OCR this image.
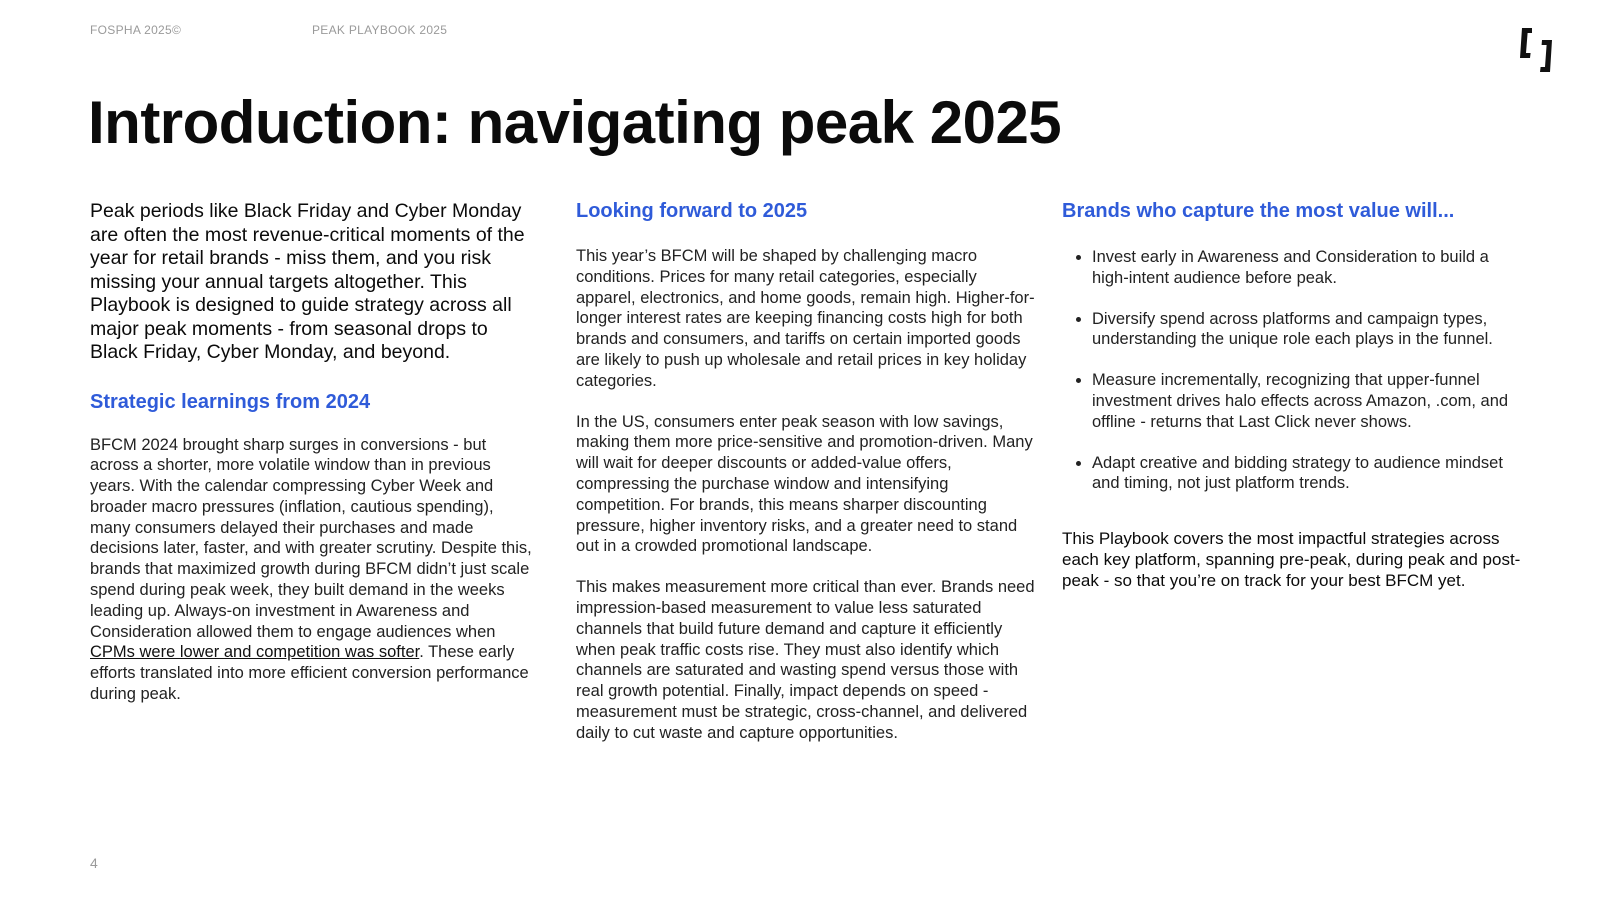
FOSPHA 2025©	PEAK PLAYBOOK 2025
Introduction: navigating peak 2025

Peak periods like Black Friday and Cyber Monday are often the most revenue-critical moments of the year for retail brands - miss them, and you risk missing your annual targets altogether. This Playbook is designed to guide strategy across all major peak moments - from seasonal drops to Black Friday, Cyber Monday, and beyond.

Strategic learnings from 2024

BFCM 2024 brought sharp surges in conversions - but across a shorter, more volatile window than in previous years. With the calendar compressing Cyber Week and broader macro pressures (inflation, cautious spending), many consumers delayed their purchases and made decisions later, faster, and with greater scrutiny. Despite this, brands that maximized growth during BFCM didn’t just scale spend during peak week, they built demand in the weeks leading up. Always-on investment in Awareness and Consideration allowed them to engage audiences when CPMs were lower and competition was softer. These early efforts translated into more efficient conversion performance during peak.

Looking forward to 2025

This year’s BFCM will be shaped by challenging macro conditions. Prices for many retail categories, especially apparel, electronics, and home goods, remain high. Higher-for-longer interest rates are keeping financing costs high for both brands and consumers, and tariffs on certain imported goods are likely to push up wholesale and retail prices in key holiday categories.

In the US, consumers enter peak season with low savings, making them more price-sensitive and promotion-driven. Many will wait for deeper discounts or added-value offers, compressing the purchase window and intensifying competition. For brands, this means sharper discounting pressure, higher inventory risks, and a greater need to stand out in a crowded promotional landscape.

This makes measurement more critical than ever. Brands need impression-based measurement to value less saturated channels that build future demand and capture it efficiently when peak traffic costs rise. They must also identify which channels are saturated and wasting spend versus those with real growth potential. Finally, impact depends on speed - measurement must be strategic, cross-channel, and delivered daily to cut waste and capture opportunities.

Brands who capture the most value will...

• Invest early in Awareness and Consideration to build a high-intent audience before peak.
• Diversify spend across platforms and campaign types, understanding the unique role each plays in the funnel.
• Measure incrementally, recognizing that upper-funnel investment drives halo effects across Amazon, .com, and offline - returns that Last Click never shows.
• Adapt creative and bidding strategy to audience mindset and timing, not just platform trends.

This Playbook covers the most impactful strategies across each key platform, spanning pre-peak, during peak and post-peak - so that you’re on track for your best BFCM yet.

4
